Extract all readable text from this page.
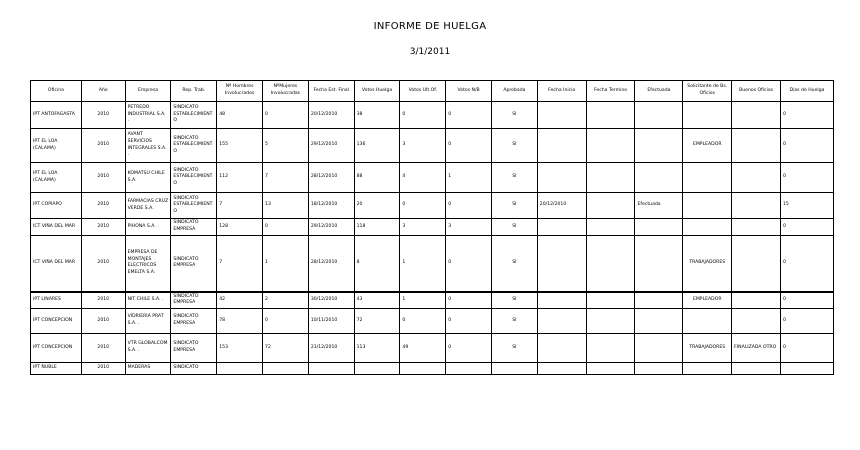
INFORME DE HUELGA
3/1/2011
Oficina	Año	Empresa	Rep. Trab.	Nº Hombres Involucrados	NºMujeres Involucradas	Fecha Est. Final	Votos Huelga	Votos Ult.Of.	Votos N/B	Aprobada	Fecha Inicio	Fecha Termino	Efectuada	Solicitante de Bs. Oficios	Buenos Oficios	Dias de Huelga
IPT ANTOFAGASTA	2010	PETREDO INDUSTRIAL S.A. .	SINDICATO ESTABLECIMIENTO	48	0	20/12/2010	38	0	0	SI						0
IPT EL LOA (CALAMA)	2010	AVANT SERVICIOS INTEGRALES S.A. .	SINDICATO ESTABLECIMIENTO	155	5	29/12/2010	136	3	0	SI				EMPLEADOR		0
IPT EL LOA (CALAMA)	2010	KOMATSU CHILE S.A.	SINDICATO ESTABLECIMIENTO	112	7	28/12/2010	88	4	1	SI						0
IPT COPIAPO	2010	FARMACIAS CRUZ VERDE S.A.	SINDICATO ESTABLECIMIENTO	7	13	18/12/2010	20	0	0	SI	20/12/2010		Efectuada			15
ICT VIÑA DEL MAR	2010	PIHONA S.A. .	SINDICATO EMPRESA	128	0	29/12/2010	118	3	3	SI						0
ICT VIÑA DEL MAR	2010	EMPRESA DE MONTAJES ELECTRICOS EMELTA S.A.	SINDICATO EMPRESA	7	1	28/12/2010	8	1	0	SI				TRABAJADORES		0
IPT LINARES	2010	NIT CHILE S.A. .	SINDICATO EMPRESA	42	2	30/12/2010	43	1	0	SI				EMPLEADOR		0
IPT CONCEPCION	2010	VIDRIERIA PRAT S.A. .	SINDICATO EMPRESA	78	0	10/11/2010	72	0	0	SI						0
IPT CONCEPCION	2010	VTR GLOBALCOM S.A. .	SINDICATO EMPRESA	153	72	21/12/2010	113	49	0	SI				TRABAJADORES	FINALIZADA OTRO	0
IPT ÑUBLE	2010	MADERAS	SINDICATO													
